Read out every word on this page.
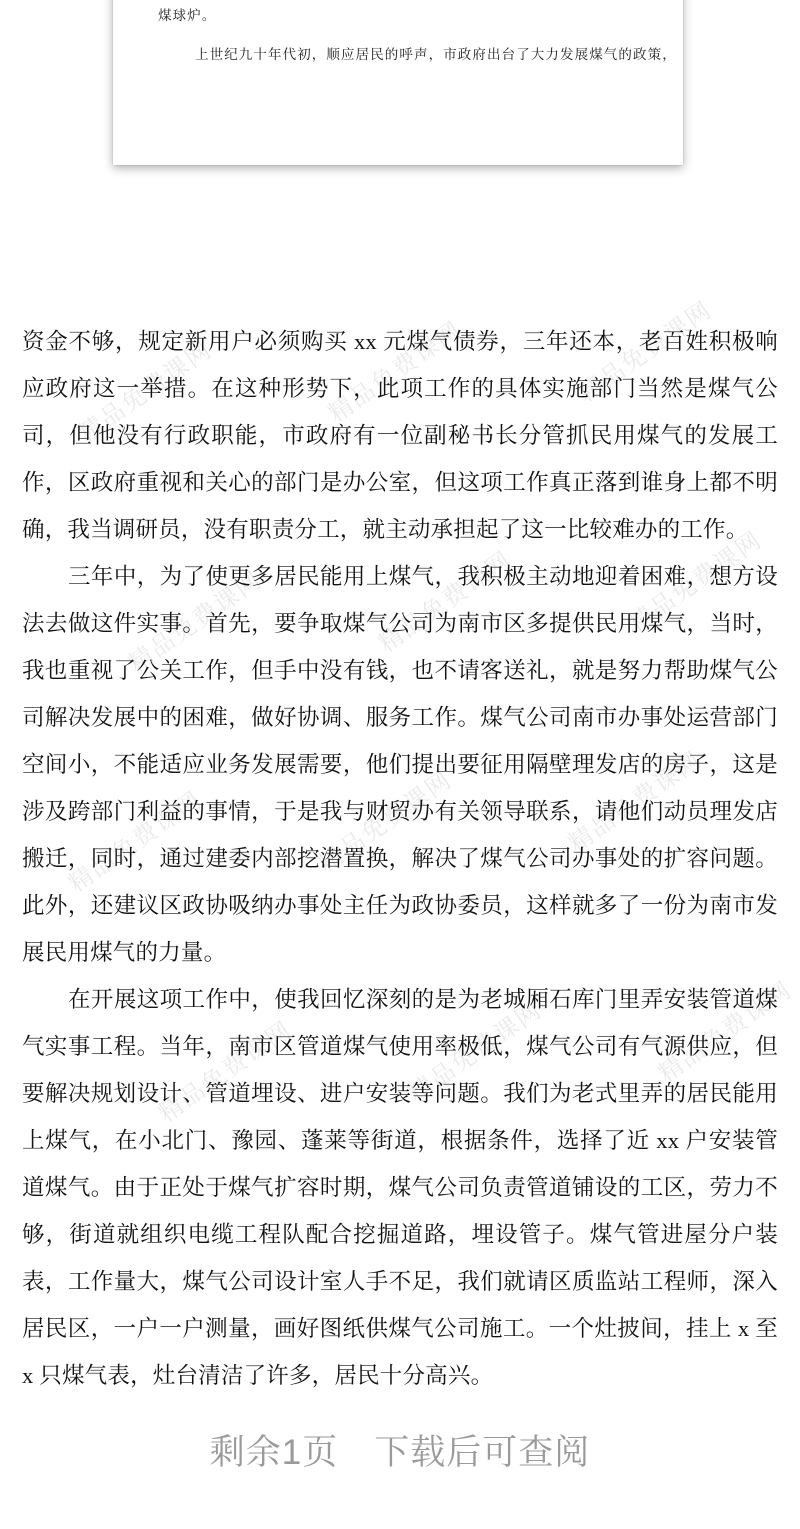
煤球炉。
上世纪九十年代初，顺应居民的呼声，市政府出台了大力发展煤气的政策，
精品免费课网	精品免费课网	精品免费课网
精品免费课网	精品免费课网	精品免费课网
精品免费课网	精品免费课网	精品免费课网
精品免费课网	精品免费课网	精品免费课网

资金不够，规定新用户必须购买 xx 元煤气债券，三年还本，老百姓积极响应政府这一举措。在这种形势下，此项工作的具体实施部门当然是煤气公司，但他没有行政职能，市政府有一位副秘书长分管抓民用煤气的发展工作，区政府重视和关心的部门是办公室，但这项工作真正落到谁身上都不明确，我当调研员，没有职责分工，就主动承担起了这一比较难办的工作。

三年中，为了使更多居民能用上煤气，我积极主动地迎着困难，想方设法去做这件实事。首先，要争取煤气公司为南市区多提供民用煤气，当时，我也重视了公关工作，但手中没有钱，也不请客送礼，就是努力帮助煤气公司解决发展中的困难，做好协调、服务工作。煤气公司南市办事处运营部门空间小，不能适应业务发展需要，他们提出要征用隔壁理发店的房子，这是涉及跨部门利益的事情，于是我与财贸办有关领导联系，请他们动员理发店搬迁，同时，通过建委内部挖潜置换，解决了煤气公司办事处的扩容问题。此外，还建议区政协吸纳办事处主任为政协委员，这样就多了一份为南市发展民用煤气的力量。

在开展这项工作中，使我回忆深刻的是为老城厢石库门里弄安装管道煤气实事工程。当年，南市区管道煤气使用率极低，煤气公司有气源供应，但要解决规划设计、管道埋设、进户安装等问题。我们为老式里弄的居民能用上煤气，在小北门、豫园、蓬莱等街道，根据条件，选择了近 xx 户安装管道煤气。由于正处于煤气扩容时期，煤气公司负责管道铺设的工区，劳力不够，街道就组织电缆工程队配合挖掘道路，埋设管子。煤气管进屋分户装表，工作量大，煤气公司设计室人手不足，我们就请区质监站工程师，深入居民区，一户一户测量，画好图纸供煤气公司施工。一个灶披间，挂上 x 至 x 只煤气表，灶台清洁了许多，居民十分高兴。

剩余1页　下载后可查阅
